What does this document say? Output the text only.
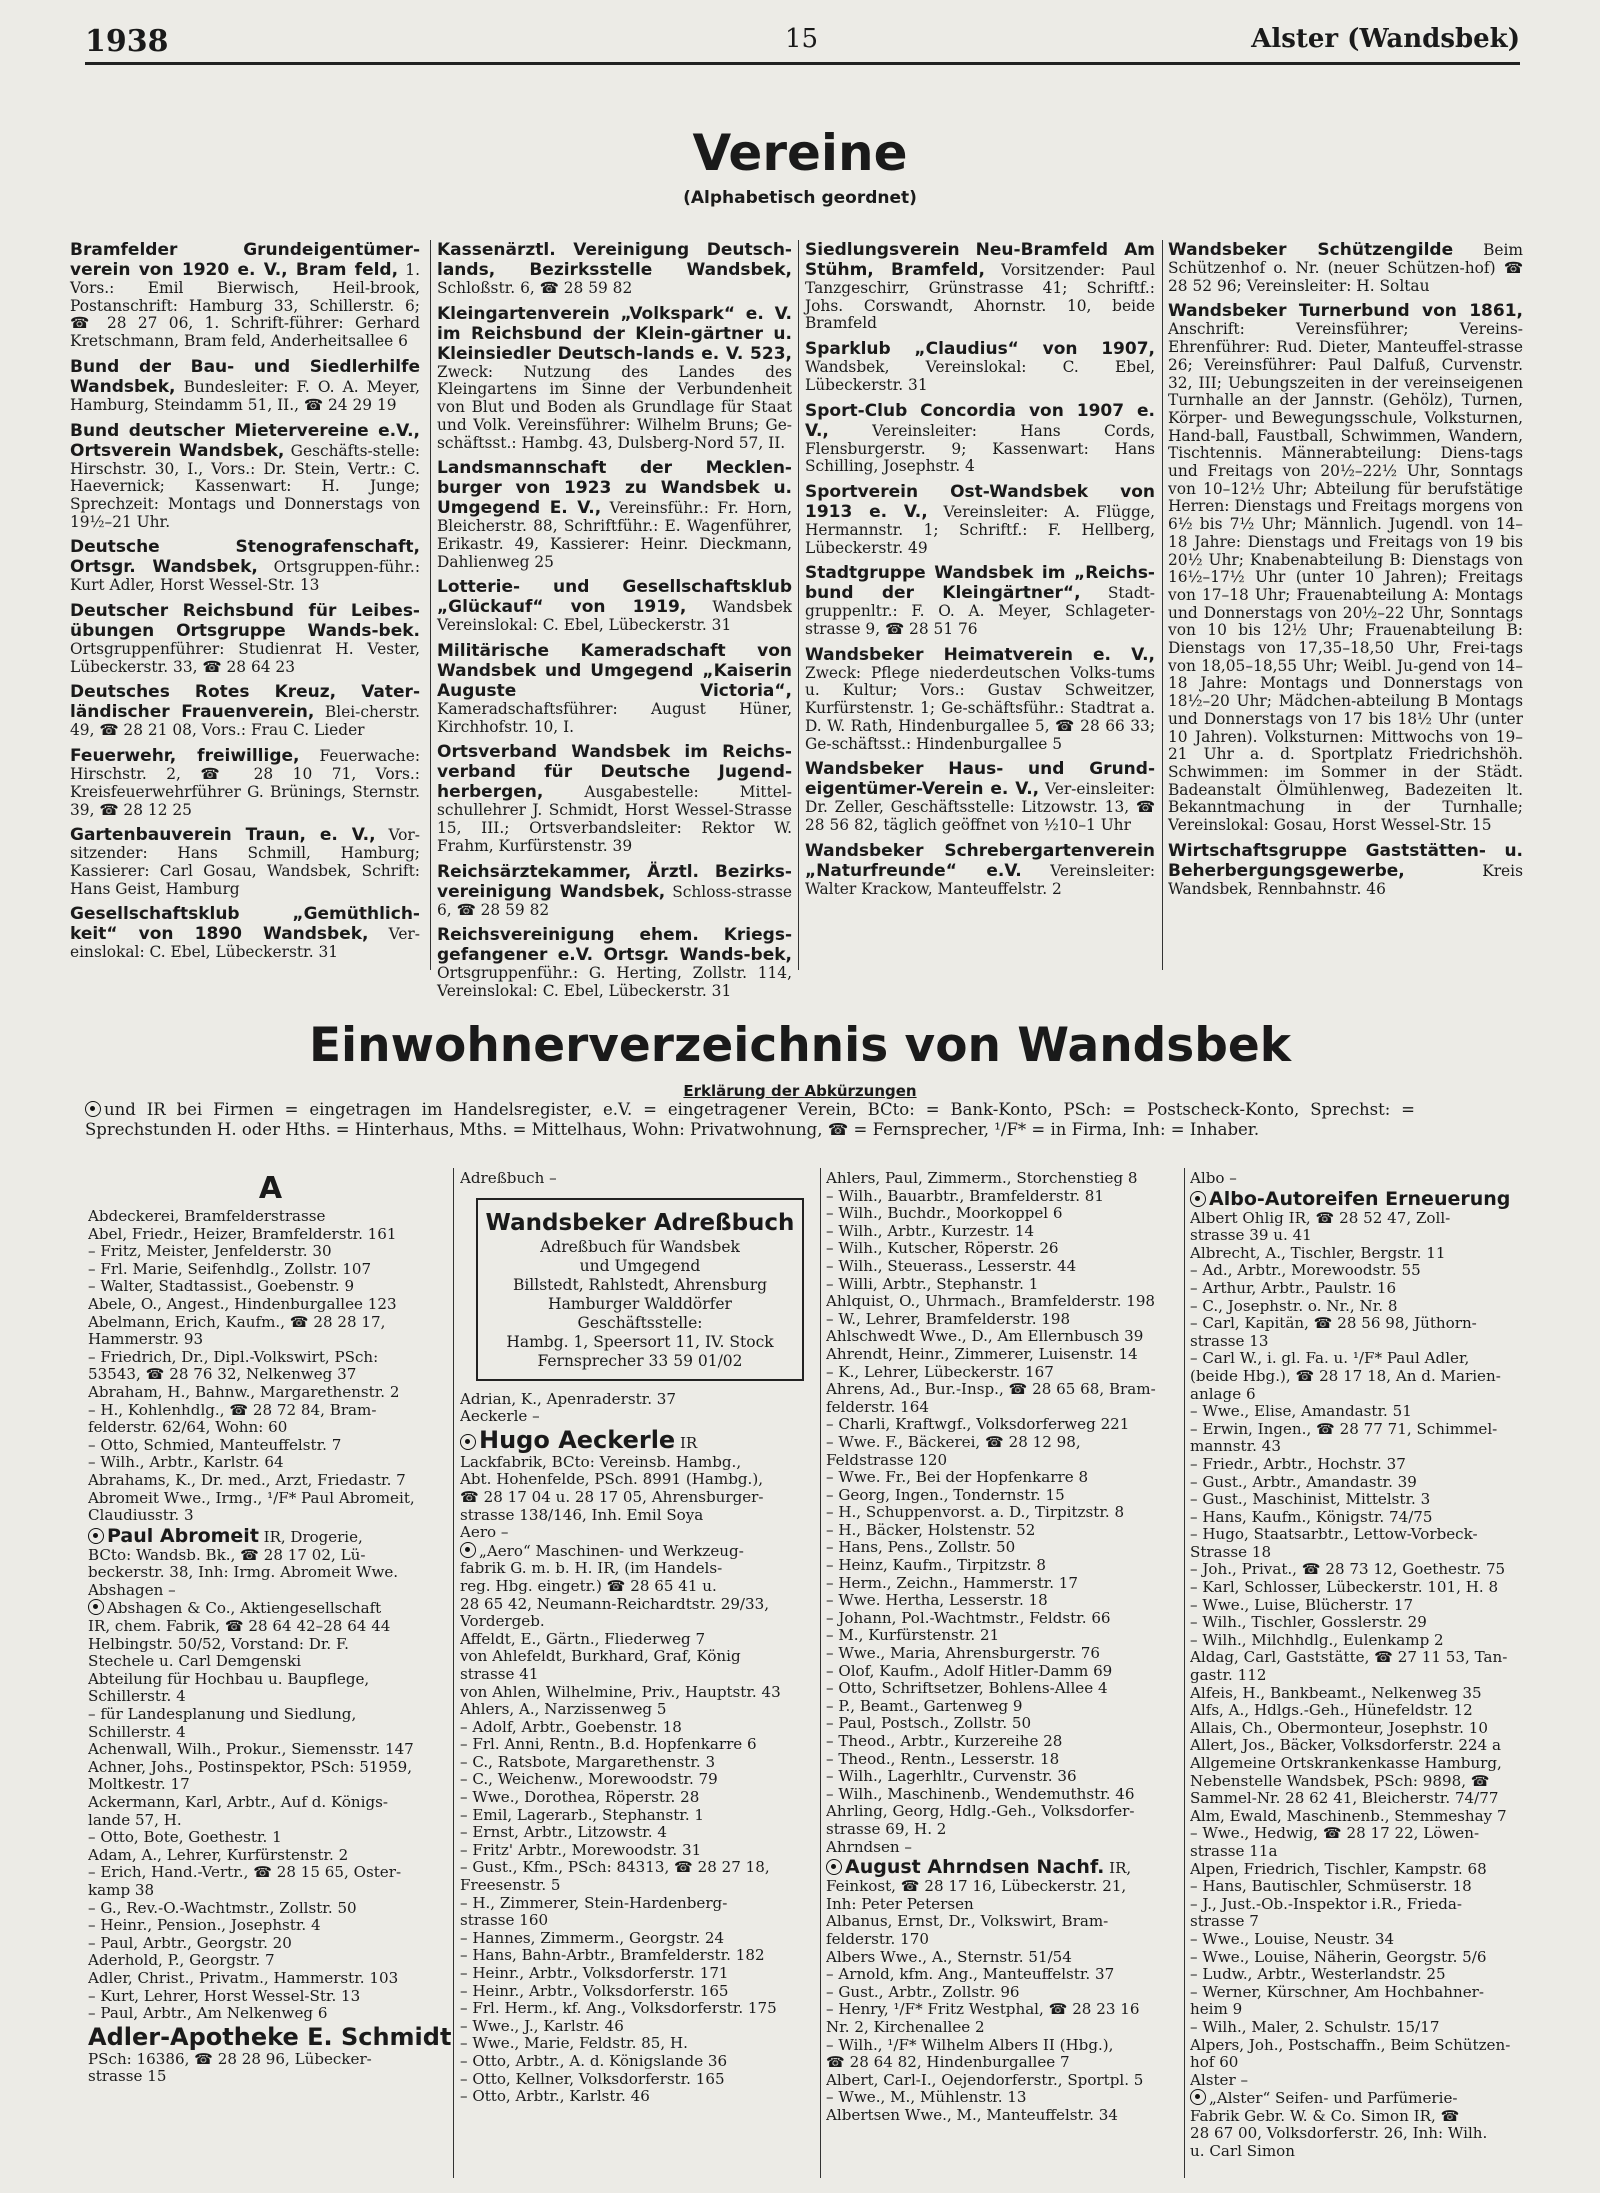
1938	15	Alster (Wandsbek)
Vereine
(Alphabetisch geordnet)
Bramfelder Grundeigentümer-verein von 1920 e. V., Bram feld, 1. Vors.: Emil Bierwisch, Heil-brook, Postanschrift: Hamburg 33, Schillerstr. 6; ☎ 28 27 06, 1. Schrift-führer: Gerhard Kretschmann, Bram feld, Anderheitsallee 6
Bund der Bau- und Siedlerhilfe Wandsbek, Bundesleiter: F. O. A. Meyer, Hamburg, Steindamm 51, II., ☎ 24 29 19
Bund deutscher Mietervereine e.V., Ortsverein Wandsbek, Geschäfts-stelle: Hirschstr. 30, I., Vors.: Dr. Stein, Vertr.: C. Haevernick; Kassenwart: H. Junge; Sprechzeit: Montags und Donnerstags von 19½–21 Uhr.
Deutsche Stenografenschaft, Ortsgr. Wandsbek, Ortsgruppen-führ.: Kurt Adler, Horst Wessel-Str. 13
Deutscher Reichsbund für Leibes-übungen Ortsgruppe Wands-bek. Ortsgruppenführer: Studienrat H. Vester, Lübeckerstr. 33, ☎ 28 64 23
Deutsches Rotes Kreuz, Vater-ländischer Frauenverein, Blei-cherstr. 49, ☎ 28 21 08, Vors.: Frau C. Lieder
Feuerwehr, freiwillige, Feuerwache: Hirschstr. 2, ☎ 28 10 71, Vors.: Kreisfeuerwehrführer G. Brünings, Sternstr. 39, ☎ 28 12 25
Gartenbauverein Traun, e. V., Vor-sitzender: Hans Schmill, Hamburg; Kassierer: Carl Gosau, Wandsbek, Schrift: Hans Geist, Hamburg
Gesellschaftsklub „Gemüthlich-keit“ von 1890 Wandsbek, Ver-einslokal: C. Ebel, Lübeckerstr. 31
Kassenärztl. Vereinigung Deutsch-lands, Bezirksstelle Wandsbek, Schloßstr. 6, ☎ 28 59 82
Kleingartenverein „Volkspark“ e. V. im Reichsbund der Klein-gärtner u. Kleinsiedler Deutsch-lands e. V. 523, Zweck: Nutzung des Landes des Kleingartens im Sinne der Verbundenheit von Blut und Boden als Grundlage für Staat und Volk. Vereinsführer: Wilhelm Bruns; Ge-schäftsst.: Hambg. 43, Dulsberg-Nord 57, II.
Landsmannschaft der Mecklen-burger von 1923 zu Wandsbek u. Umgegend E. V., Vereinsführ.: Fr. Horn, Bleicherstr. 88, Schriftführ.: E. Wagenführer, Erikastr. 49, Kassierer: Heinr. Dieckmann, Dahlienweg 25
Lotterie- und Gesellschaftsklub „Glückauf“ von 1919, Wandsbek Vereinslokal: C. Ebel, Lübeckerstr. 31
Militärische Kameradschaft von Wandsbek und Umgegend „Kaiserin Auguste Victoria“, Kameradschaftsführer: August Hüner, Kirchhofstr. 10, I.
Ortsverband Wandsbek im Reichs-verband für Deutsche Jugend-herbergen, Ausgabestelle: Mittel-schullehrer J. Schmidt, Horst Wessel-Strasse 15, III.; Ortsverbandsleiter: Rektor W. Frahm, Kurfürstenstr. 39
Reichsärztekammer, Ärztl. Bezirks-vereinigung Wandsbek, Schloss-strasse 6, ☎ 28 59 82
Reichsvereinigung ehem. Kriegs-gefangener e.V. Ortsgr. Wands-bek, Ortsgruppenführ.: G. Herting, Zollstr. 114, Vereinslokal: C. Ebel, Lübeckerstr. 31
Siedlungsverein Neu-Bramfeld Am Stühm, Bramfeld, Vorsitzender: Paul Tanzgeschirr, Grünstrasse 41; Schriftf.: Johs. Corswandt, Ahornstr. 10, beide Bramfeld
Sparklub „Claudius“ von 1907, Wandsbek, Vereinslokal: C. Ebel, Lübeckerstr. 31
Sport-Club Concordia von 1907 e. V., Vereinsleiter: Hans Cords, Flensburgerstr. 9; Kassenwart: Hans Schilling, Josephstr. 4
Sportverein Ost-Wandsbek von 1913 e. V., Vereinsleiter: A. Flügge, Hermannstr. 1; Schriftf.: F. Hellberg, Lübeckerstr. 49
Stadtgruppe Wandsbek im „Reichs-bund der Kleingärtner“, Stadt-gruppenltr.: F. O. A. Meyer, Schlageter-strasse 9, ☎ 28 51 76
Wandsbeker Heimatverein e. V., Zweck: Pflege niederdeutschen Volks-tums u. Kultur; Vors.: Gustav Schweitzer, Kurfürstenstr. 1; Ge-schäftsführ.: Stadtrat a. D. W. Rath, Hindenburgallee 5, ☎ 28 66 33; Ge-schäftsst.: Hindenburgallee 5
Wandsbeker Haus- und Grund-eigentümer-Verein e. V., Ver-einsleiter: Dr. Zeller, Geschäftsstelle: Litzowstr. 13, ☎ 28 56 82, täglich geöffnet von ½10–1 Uhr
Wandsbeker Schrebergartenverein „Naturfreunde“ e.V. Vereinsleiter: Walter Krackow, Manteuffelstr. 2
Wandsbeker Schützengilde Beim Schützenhof o. Nr. (neuer Schützen-hof) ☎ 28 52 96; Vereinsleiter: H. Soltau
Wandsbeker Turnerbund von 1861, Anschrift: Vereinsführer; Vereins-Ehrenführer: Rud. Dieter, Manteuffel-strasse 26; Vereinsführer: Paul Dalfuß, Curvenstr. 32, III; Uebungszeiten in der vereinseigenen Turnhalle an der Jannstr. (Gehölz), Turnen, Körper- und Bewegungsschule, Volksturnen, Hand-ball, Faustball, Schwimmen, Wandern, Tischtennis. Männerabteilung: Diens-tags und Freitags von 20½–22½ Uhr, Sonntags von 10–12½ Uhr; Abteilung für berufstätige Herren: Dienstags und Freitags morgens von 6½ bis 7½ Uhr; Männlich. Jugendl. von 14–18 Jahre: Dienstags und Freitags von 19 bis 20½ Uhr; Knabenabteilung B: Dienstags von 16½–17½ Uhr (unter 10 Jahren); Freitags von 17–18 Uhr; Frauenabteilung A: Montags und Donnerstags von 20½–22 Uhr, Sonntags von 10 bis 12½ Uhr; Frauenabteilung B: Dienstags von 17,35–18,50 Uhr, Frei-tags von 18,05–18,55 Uhr; Weibl. Ju-gend von 14–18 Jahre: Montags und Donnerstags von 18½–20 Uhr; Mädchen-abteilung B Montags und Donnerstags von 17 bis 18½ Uhr (unter 10 Jahren). Volksturnen: Mittwochs von 19–21 Uhr a. d. Sportplatz Friedrichshöh. Schwimmen: im Sommer in der Städt. Badeanstalt Ölmühlenweg, Badezeiten lt. Bekanntmachung in der Turnhalle; Vereinslokal: Gosau, Horst Wessel-Str. 15
Wirtschaftsgruppe Gaststätten- u. Beherbergungsgewerbe, Kreis Wandsbek, Rennbahnstr. 46
Einwohnerverzeichnis von Wandsbek
Erklärung der Abkürzungen
und IR bei Firmen = eingetragen im Handelsregister, e.V. = eingetragener Verein, BCto: = Bank-Konto, PSch: = Postscheck-Konto, Sprechst: = Sprechstunden H. oder Hths. = Hinterhaus, Mths. = Mittelhaus, Wohn: Privatwohnung, ☎ = Fernsprecher, ¹/F* = in Firma, Inh: = Inhaber.
A
Abdeckerei, Bramfelderstrasse
Abel, Friedr., Heizer, Bramfelderstr. 161
– Fritz, Meister, Jenfelderstr. 30
– Frl. Marie, Seifenhdlg., Zollstr. 107
– Walter, Stadtassist., Goebenstr. 9
Abele, O., Angest., Hindenburgallee 123
Abelmann, Erich, Kaufm., ☎ 28 28 17,
Hammerstr. 93
– Friedrich, Dr., Dipl.-Volkswirt, PSch:
53543, ☎ 28 76 32, Nelkenweg 37
Abraham, H., Bahnw., Margarethenstr. 2
– H., Kohlenhdlg., ☎ 28 72 84, Bram-
felderstr. 62/64, Wohn: 60
– Otto, Schmied, Manteuffelstr. 7
– Wilh., Arbtr., Karlstr. 64
Abrahams, K., Dr. med., Arzt, Friedastr. 7
Abromeit Wwe., Irmg., ¹/F* Paul Abromeit,
Claudiusstr. 3
Paul Abromeit IR, Drogerie,
BCto: Wandsb. Bk., ☎ 28 17 02, Lü-
beckerstr. 38, Inh: Irmg. Abromeit Wwe.
Abshagen –
Abshagen & Co., Aktiengesellschaft
IR, chem. Fabrik, ☎ 28 64 42–28 64 44
Helbingstr. 50/52, Vorstand: Dr. F.
Stechele u. Carl Demgenski
Abteilung für Hochbau u. Baupflege,
Schillerstr. 4
– für Landesplanung und Siedlung,
Schillerstr. 4
Achenwall, Wilh., Prokur., Siemensstr. 147
Achner, Johs., Postinspektor, PSch: 51959,
Moltkestr. 17
Ackermann, Karl, Arbtr., Auf d. Königs-
lande 57, H.
– Otto, Bote, Goethestr. 1
Adam, A., Lehrer, Kurfürstenstr. 2
– Erich, Hand.-Vertr., ☎ 28 15 65, Oster-
kamp 38
– G., Rev.-O.-Wachtmstr., Zollstr. 50
– Heinr., Pension., Josephstr. 4
– Paul, Arbtr., Georgstr. 20
Aderhold, P., Georgstr. 7
Adler, Christ., Privatm., Hammerstr. 103
– Kurt, Lehrer, Horst Wessel-Str. 13
– Paul, Arbtr., Am Nelkenweg 6
Adler-Apotheke E. Schmidt
PSch: 16386, ☎ 28 28 96, Lübecker-
strasse 15
Adreßbuch –
Wandsbeker Adreßbuch
Adreßbuch für Wandsbek
und Umgegend
Billstedt, Rahlstedt, Ahrensburg
Hamburger Walddörfer
Geschäftsstelle:
Hambg. 1, Speersort 11, IV. Stock
Fernsprecher 33 59 01/02
Adrian, K., Apenraderstr. 37
Aeckerle –
Hugo Aeckerle IR
Lackfabrik, BCto: Vereinsb. Hambg.,
Abt. Hohenfelde, PSch. 8991 (Hambg.),
☎ 28 17 04 u. 28 17 05, Ahrensburger-
strasse 138/146, Inh. Emil Soya
Aero –
„Aero“ Maschinen- und Werkzeug-
fabrik G. m. b. H. IR, (im Handels-
reg. Hbg. eingetr.) ☎ 28 65 41 u.
28 65 42, Neumann-Reichardtstr. 29/33,
Vordergeb.
Affeldt, E., Gärtn., Fliederweg 7
von Ahlefeldt, Burkhard, Graf, König
strasse 41
von Ahlen, Wilhelmine, Priv., Hauptstr. 43
Ahlers, A., Narzissenweg 5
– Adolf, Arbtr., Goebenstr. 18
– Frl. Anni, Rentn., B.d. Hopfenkarre 6
– C., Ratsbote, Margarethenstr. 3
– C., Weichenw., Morewoodstr. 79
– Wwe., Dorothea, Röperstr. 28
– Emil, Lagerarb., Stephanstr. 1
– Ernst, Arbtr., Litzowstr. 4
– Fritz' Arbtr., Morewoodstr. 31
– Gust., Kfm., PSch: 84313, ☎ 28 27 18,
Freesenstr. 5
– H., Zimmerer, Stein-Hardenberg-
strasse 160
– Hannes, Zimmerm., Georgstr. 24
– Hans, Bahn-Arbtr., Bramfelderstr. 182
– Heinr., Arbtr., Volksdorferstr. 171
– Heinr., Arbtr., Volksdorferstr. 165
– Frl. Herm., kf. Ang., Volksdorferstr. 175
– Wwe., J., Karlstr. 46
– Wwe., Marie, Feldstr. 85, H.
– Otto, Arbtr., A. d. Königslande 36
– Otto, Kellner, Volksdorferstr. 165
– Otto, Arbtr., Karlstr. 46
Ahlers, Paul, Zimmerm., Storchenstieg 8
– Wilh., Bauarbtr., Bramfelderstr. 81
– Wilh., Buchdr., Moorkoppel 6
– Wilh., Arbtr., Kurzestr. 14
– Wilh., Kutscher, Röperstr. 26
– Wilh., Steuerass., Lesserstr. 44
– Willi, Arbtr., Stephanstr. 1
Ahlquist, O., Uhrmach., Bramfelderstr. 198
– W., Lehrer, Bramfelderstr. 198
Ahlschwedt Wwe., D., Am Ellernbusch 39
Ahrendt, Heinr., Zimmerer, Luisenstr. 14
– K., Lehrer, Lübeckerstr. 167
Ahrens, Ad., Bur.-Insp., ☎ 28 65 68, Bram-
felderstr. 164
– Charli, Kraftwgf., Volksdorferweg 221
– Wwe. F., Bäckerei, ☎ 28 12 98,
Feldstrasse 120
– Wwe. Fr., Bei der Hopfenkarre 8
– Georg, Ingen., Tondernstr. 15
– H., Schuppenvorst. a. D., Tirpitzstr. 8
– H., Bäcker, Holstenstr. 52
– Hans, Pens., Zollstr. 50
– Heinz, Kaufm., Tirpitzstr. 8
– Herm., Zeichn., Hammerstr. 17
– Wwe. Hertha, Lesserstr. 18
– Johann, Pol.-Wachtmstr., Feldstr. 66
– M., Kurfürstenstr. 21
– Wwe., Maria, Ahrensburgerstr. 76
– Olof, Kaufm., Adolf Hitler-Damm 69
– Otto, Schriftsetzer, Bohlens-Allee 4
– P., Beamt., Gartenweg 9
– Paul, Postsch., Zollstr. 50
– Theod., Arbtr., Kurzereihe 28
– Theod., Rentn., Lesserstr. 18
– Wilh., Lagerhltr., Curvenstr. 36
– Wilh., Maschinenb., Wendemuthstr. 46
Ahrling, Georg, Hdlg.-Geh., Volksdorfer-
strasse 69, H. 2
Ahrndsen –
August Ahrndsen Nachf. IR,
Feinkost, ☎ 28 17 16, Lübeckerstr. 21,
Inh: Peter Petersen
Albanus, Ernst, Dr., Volkswirt, Bram-
felderstr. 170
Albers Wwe., A., Sternstr. 51/54
– Arnold, kfm. Ang., Manteuffelstr. 37
– Gust., Arbtr., Zollstr. 96
– Henry, ¹/F* Fritz Westphal, ☎ 28 23 16
Nr. 2, Kirchenallee 2
– Wilh., ¹/F* Wilhelm Albers II (Hbg.),
☎ 28 64 82, Hindenburgallee 7
Albert, Carl-I., Oejendorferstr., Sportpl. 5
– Wwe., M., Mühlenstr. 13
Albertsen Wwe., M., Manteuffelstr. 34
Albo –
Albo-Autoreifen Erneuerung
Albert Ohlig IR, ☎ 28 52 47, Zoll-
strasse 39 u. 41
Albrecht, A., Tischler, Bergstr. 11
– Ad., Arbtr., Morewoodstr. 55
– Arthur, Arbtr., Paulstr. 16
– C., Josephstr. o. Nr., Nr. 8
– Carl, Kapitän, ☎ 28 56 98, Jüthorn-
strasse 13
– Carl W., i. gl. Fa. u. ¹/F* Paul Adler,
(beide Hbg.), ☎ 28 17 18, An d. Marien-
anlage 6
– Wwe., Elise, Amandastr. 51
– Erwin, Ingen., ☎ 28 77 71, Schimmel-
mannstr. 43
– Friedr., Arbtr., Hochstr. 37
– Gust., Arbtr., Amandastr. 39
– Gust., Maschinist, Mittelstr. 3
– Hans, Kaufm., Königstr. 74/75
– Hugo, Staatsarbtr., Lettow-Vorbeck-
Strasse 18
– Joh., Privat., ☎ 28 73 12, Goethestr. 75
– Karl, Schlosser, Lübeckerstr. 101, H. 8
– Wwe., Luise, Blücherstr. 17
– Wilh., Tischler, Gosslerstr. 29
– Wilh., Milchhdlg., Eulenkamp 2
Aldag, Carl, Gaststätte, ☎ 27 11 53, Tan-
gastr. 112
Alfeis, H., Bankbeamt., Nelkenweg 35
Alfs, A., Hdlgs.-Geh., Hünefeldstr. 12
Allais, Ch., Obermonteur, Josephstr. 10
Allert, Jos., Bäcker, Volksdorferstr. 224 a
Allgemeine Ortskrankenkasse Hamburg,
Nebenstelle Wandsbek, PSch: 9898, ☎
Sammel-Nr. 28 62 41, Bleicherstr. 74/77
Alm, Ewald, Maschinenb., Stemmeshay 7
– Wwe., Hedwig, ☎ 28 17 22, Löwen-
strasse 11a
Alpen, Friedrich, Tischler, Kampstr. 68
– Hans, Bautischler, Schmüserstr. 18
– J., Just.-Ob.-Inspektor i.R., Frieda-
strasse 7
– Wwe., Louise, Neustr. 34
– Wwe., Louise, Näherin, Georgstr. 5/6
– Ludw., Arbtr., Westerlandstr. 25
– Werner, Kürschner, Am Hochbahner-
heim 9
– Wilh., Maler, 2. Schulstr. 15/17
Alpers, Joh., Postschaffn., Beim Schützen-
hof 60
Alster –
„Alster“ Seifen- und Parfümerie-
Fabrik Gebr. W. & Co. Simon IR, ☎
28 67 00, Volksdorferstr. 26, Inh: Wilh.
u. Carl Simon
